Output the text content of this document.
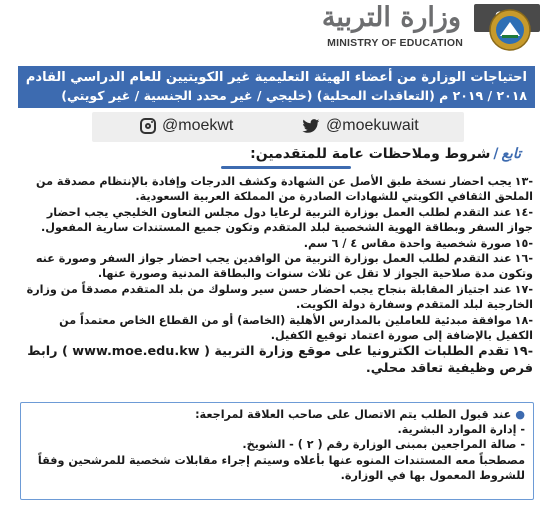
وزارة التربية
MINISTRY OF EDUCATION
احتياجات الوزارة من أعضاء الهيئة التعليمية غير الكويتيين للعام الدراسي القادم
٢٠١٨ / ٢٠١٩ م (التعاقدات المحلية) (خليجي / غير محدد الجنسية / غير كويتي)
@moekwt	@moekuwait
تابع/شروط وملاحظات عامة للمتقدمين:

-١٣يجب احضار نسخة طبق الأصل عن الشهادة وكشف الدرجات وإفادة بالإنتظام مصدقة من الملحق الثقافي الكويتي للشهادات الصادرة من المملكة العربية السعودية.

-١٤عند التقدم لطلب العمل بوزارة التربية لرعايا دول مجلس التعاون الخليجي يجب احضار جواز السفر وبطاقة الهوية الشخصية لبلد المتقدم وتكون جميع المستندات سارية المفعول.

-١٥صورة شخصية واحدة مقاس ٤ / ٦ سم.

-١٦عند التقدم لطلب العمل بوزارة التربية من الوافدين يجب احضار جواز السفر وصورة عنه وتكون مدة صلاحية الجواز لا تقل عن ثلاث سنوات والبطاقة المدنية وصورة عنها.

-١٧عند اجتياز المقابلة بنجاح يجب احضار حسن سير وسلوك من بلد المتقدم مصدقاً من وزارة الخارجية لبلد المتقدم وسفارة دولة الكويت.

-١٨موافقة مبدئية للعاملين بالمدارس الأهلية (الخاصة) أو من القطاع الخاص معتمداً من الكفيل بالإضافة إلى صورة اعتماد توقيع الكفيل.

-١٩تقدم الطلبات الكترونيا على موقع وزارة التربية ( www.moe.edu.kw ) رابط فرص وظيفية تعاقد محلي.

●عند قبول الطلب يتم الاتصال على صاحب العلاقة لمراجعة:
- إدارة الموارد البشرية.
- صالة المراجعين بمبنى الوزارة رقم ( ٢ ) - الشويخ.
مصطحباً معه المستندات المنوه عنها بأعلاه وسيتم إجراء مقابلات شخصية للمرشحين وفقاً للشروط المعمول بها في الوزارة.
